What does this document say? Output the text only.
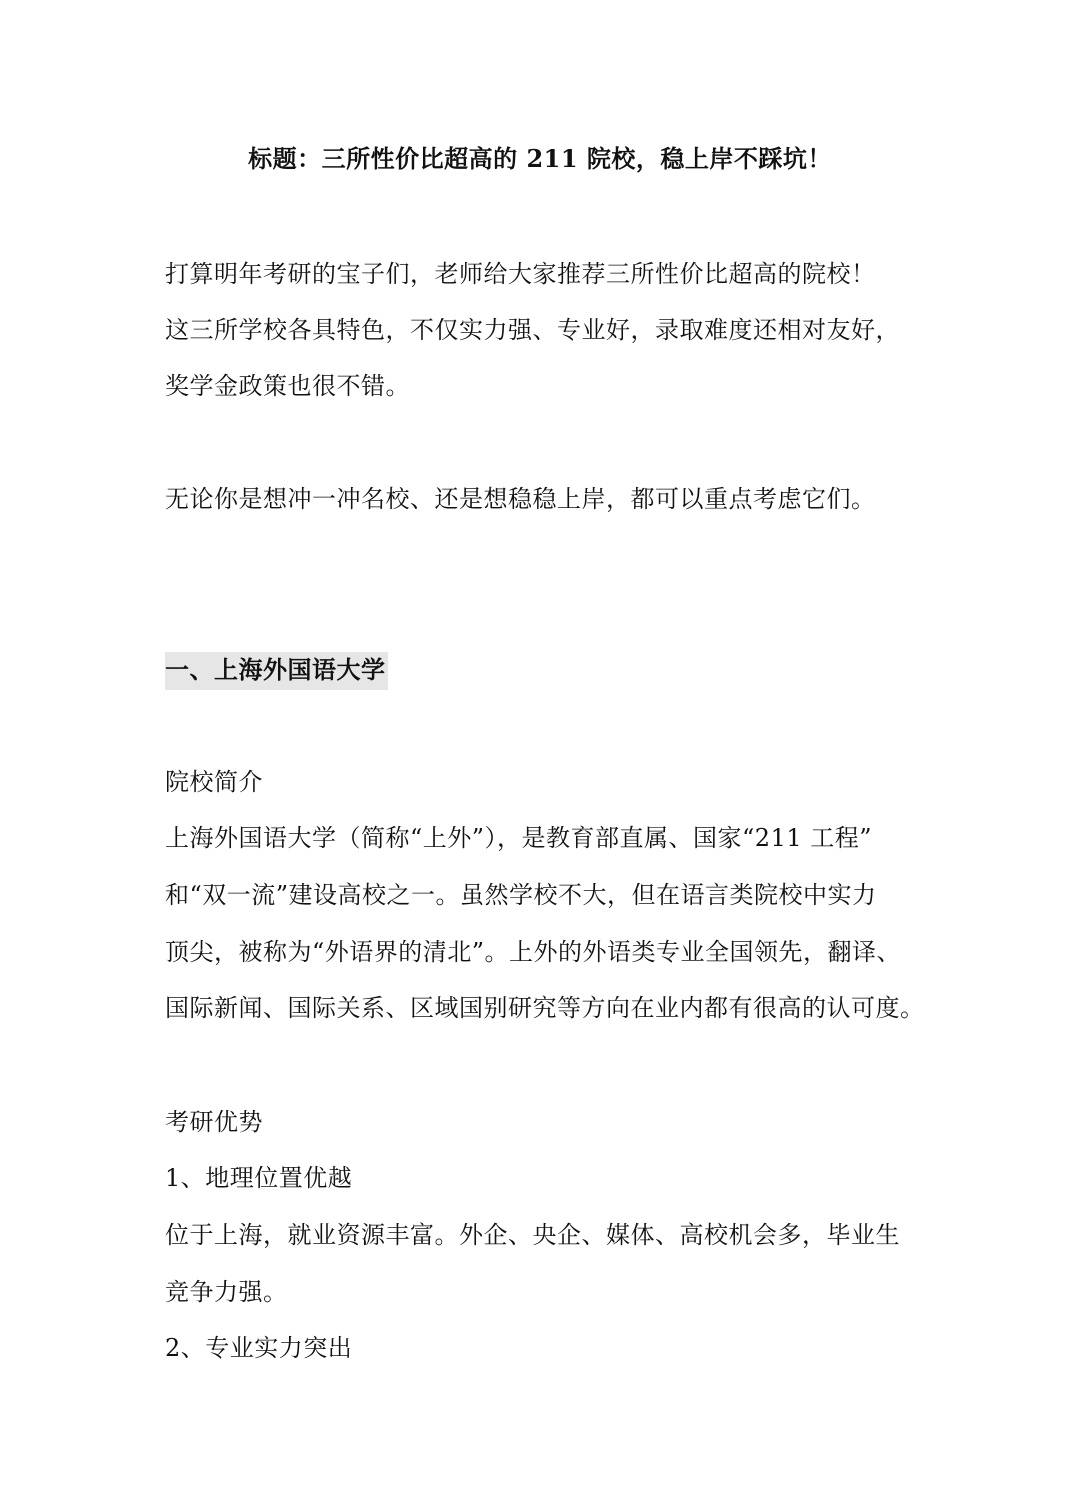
标题：三所性价比超高的 211 院校，稳上岸不踩坑！
打算明年考研的宝子们，老师给大家推荐三所性价比超高的院校！
这三所学校各具特色，不仅实力强、专业好，录取难度还相对友好，
奖学金政策也很不错。
无论你是想冲一冲名校、还是想稳稳上岸，都可以重点考虑它们。
一、上海外国语大学
院校简介
上海外国语大学（简称“上外”），是教育部直属、国家“211 工程”
和“双一流”建设高校之一。虽然学校不大，但在语言类院校中实力
顶尖，被称为“外语界的清北”。上外的外语类专业全国领先，翻译、
国际新闻、国际关系、区域国别研究等方向在业内都有很高的认可度。
考研优势
1、地理位置优越
位于上海，就业资源丰富。外企、央企、媒体、高校机会多，毕业生
竞争力强。
2、专业实力突出
